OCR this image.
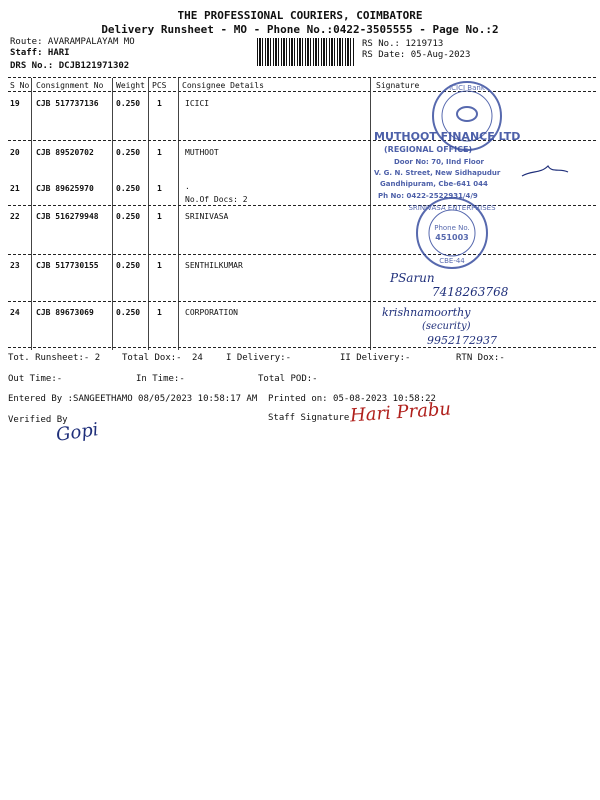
THE PROFESSIONAL COURIERS, COIMBATORE
Delivery Runsheet - MO - Phone No.:0422-3505555 - Page No.:2
Route: AVARAMPALAYAM MO
Staff: HARI
DRS No.: DCJB121971302
RS No.: 1219713
RS Date: 05-Aug-2023
S No Consignment No Weight PCS Consignee Details	Signature
19 CJB 517737136 0.250 1	ICICI
20 CJB 89520702	0.250 1	MUTHOOT
21 CJB 89625970	0.250 1	.
No.Of Docs: 2
22 CJB 516279948 0.250 1	SRINIVASA
23 CJB 517730155 0.250 1	SENTHILKUMAR
24 CJB 89673069	0.250 1	CORPORATION
ICICI Bank
MUTHOOT FINANCE LTD
(REGIONAL OFFICE)
Door No: 70, IInd Floor
V. G. N. Street, New Sidhapudur
Gandhipuram, Cbe-641 044
Ph No: 0422-2522931/4/9
SRINIVASA ENTERPRISES
Phone No.
451003
CBE-44
PSarun
7418263768
krishnamoorthy
(security)
9952172937
Tot. Runsheet:- 2 Total Dox:- 24	I Delivery:-	II Delivery:-	RTN Dox:-
Out Time:-	In Time:-	Total POD:-
Entered By :SANGEETHAMO 08/05/2023 10:58:17 AM Printed on: 05-08-2023 10:58:22
Verified By	Staff Signature
Gopi
Hari Prabu
